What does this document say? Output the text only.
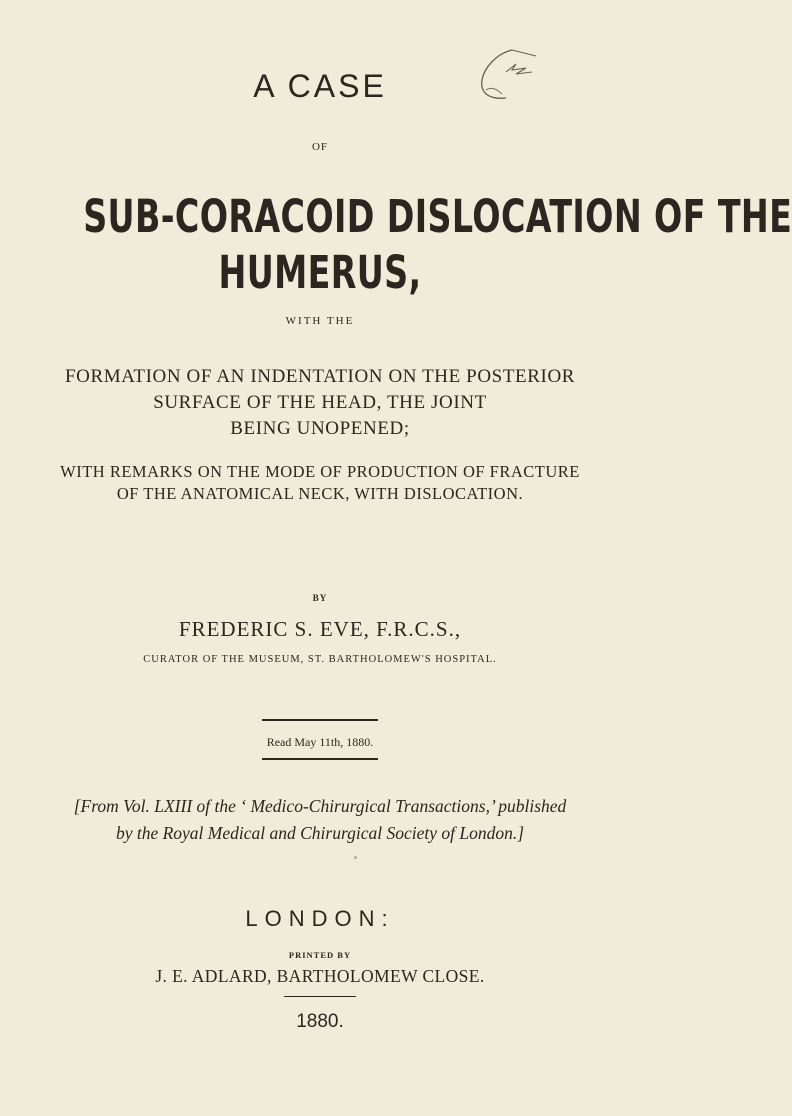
A CASE
OF
SUB-CORACOID DISLOCATION OF THE
HUMERUS,
WITH THE
FORMATION OF AN INDENTATION ON THE POSTERIOR
SURFACE OF THE HEAD, THE JOINT
BEING UNOPENED;
WITH REMARKS ON THE MODE OF PRODUCTION OF FRACTURE
OF THE ANATOMICAL NECK, WITH DISLOCATION.
BY
FREDERIC S. EVE, F.R.C.S.,
CURATOR OF THE MUSEUM, ST. BARTHOLOMEW'S HOSPITAL.
Read May 11th, 1880.
[From Vol. LXIII of the ‘ Medico-Chirurgical Transactions,’ published
by the Royal Medical and Chirurgical Society of London.]
LONDON:
PRINTED BY
J. E. ADLARD, BARTHOLOMEW CLOSE.
1880.
